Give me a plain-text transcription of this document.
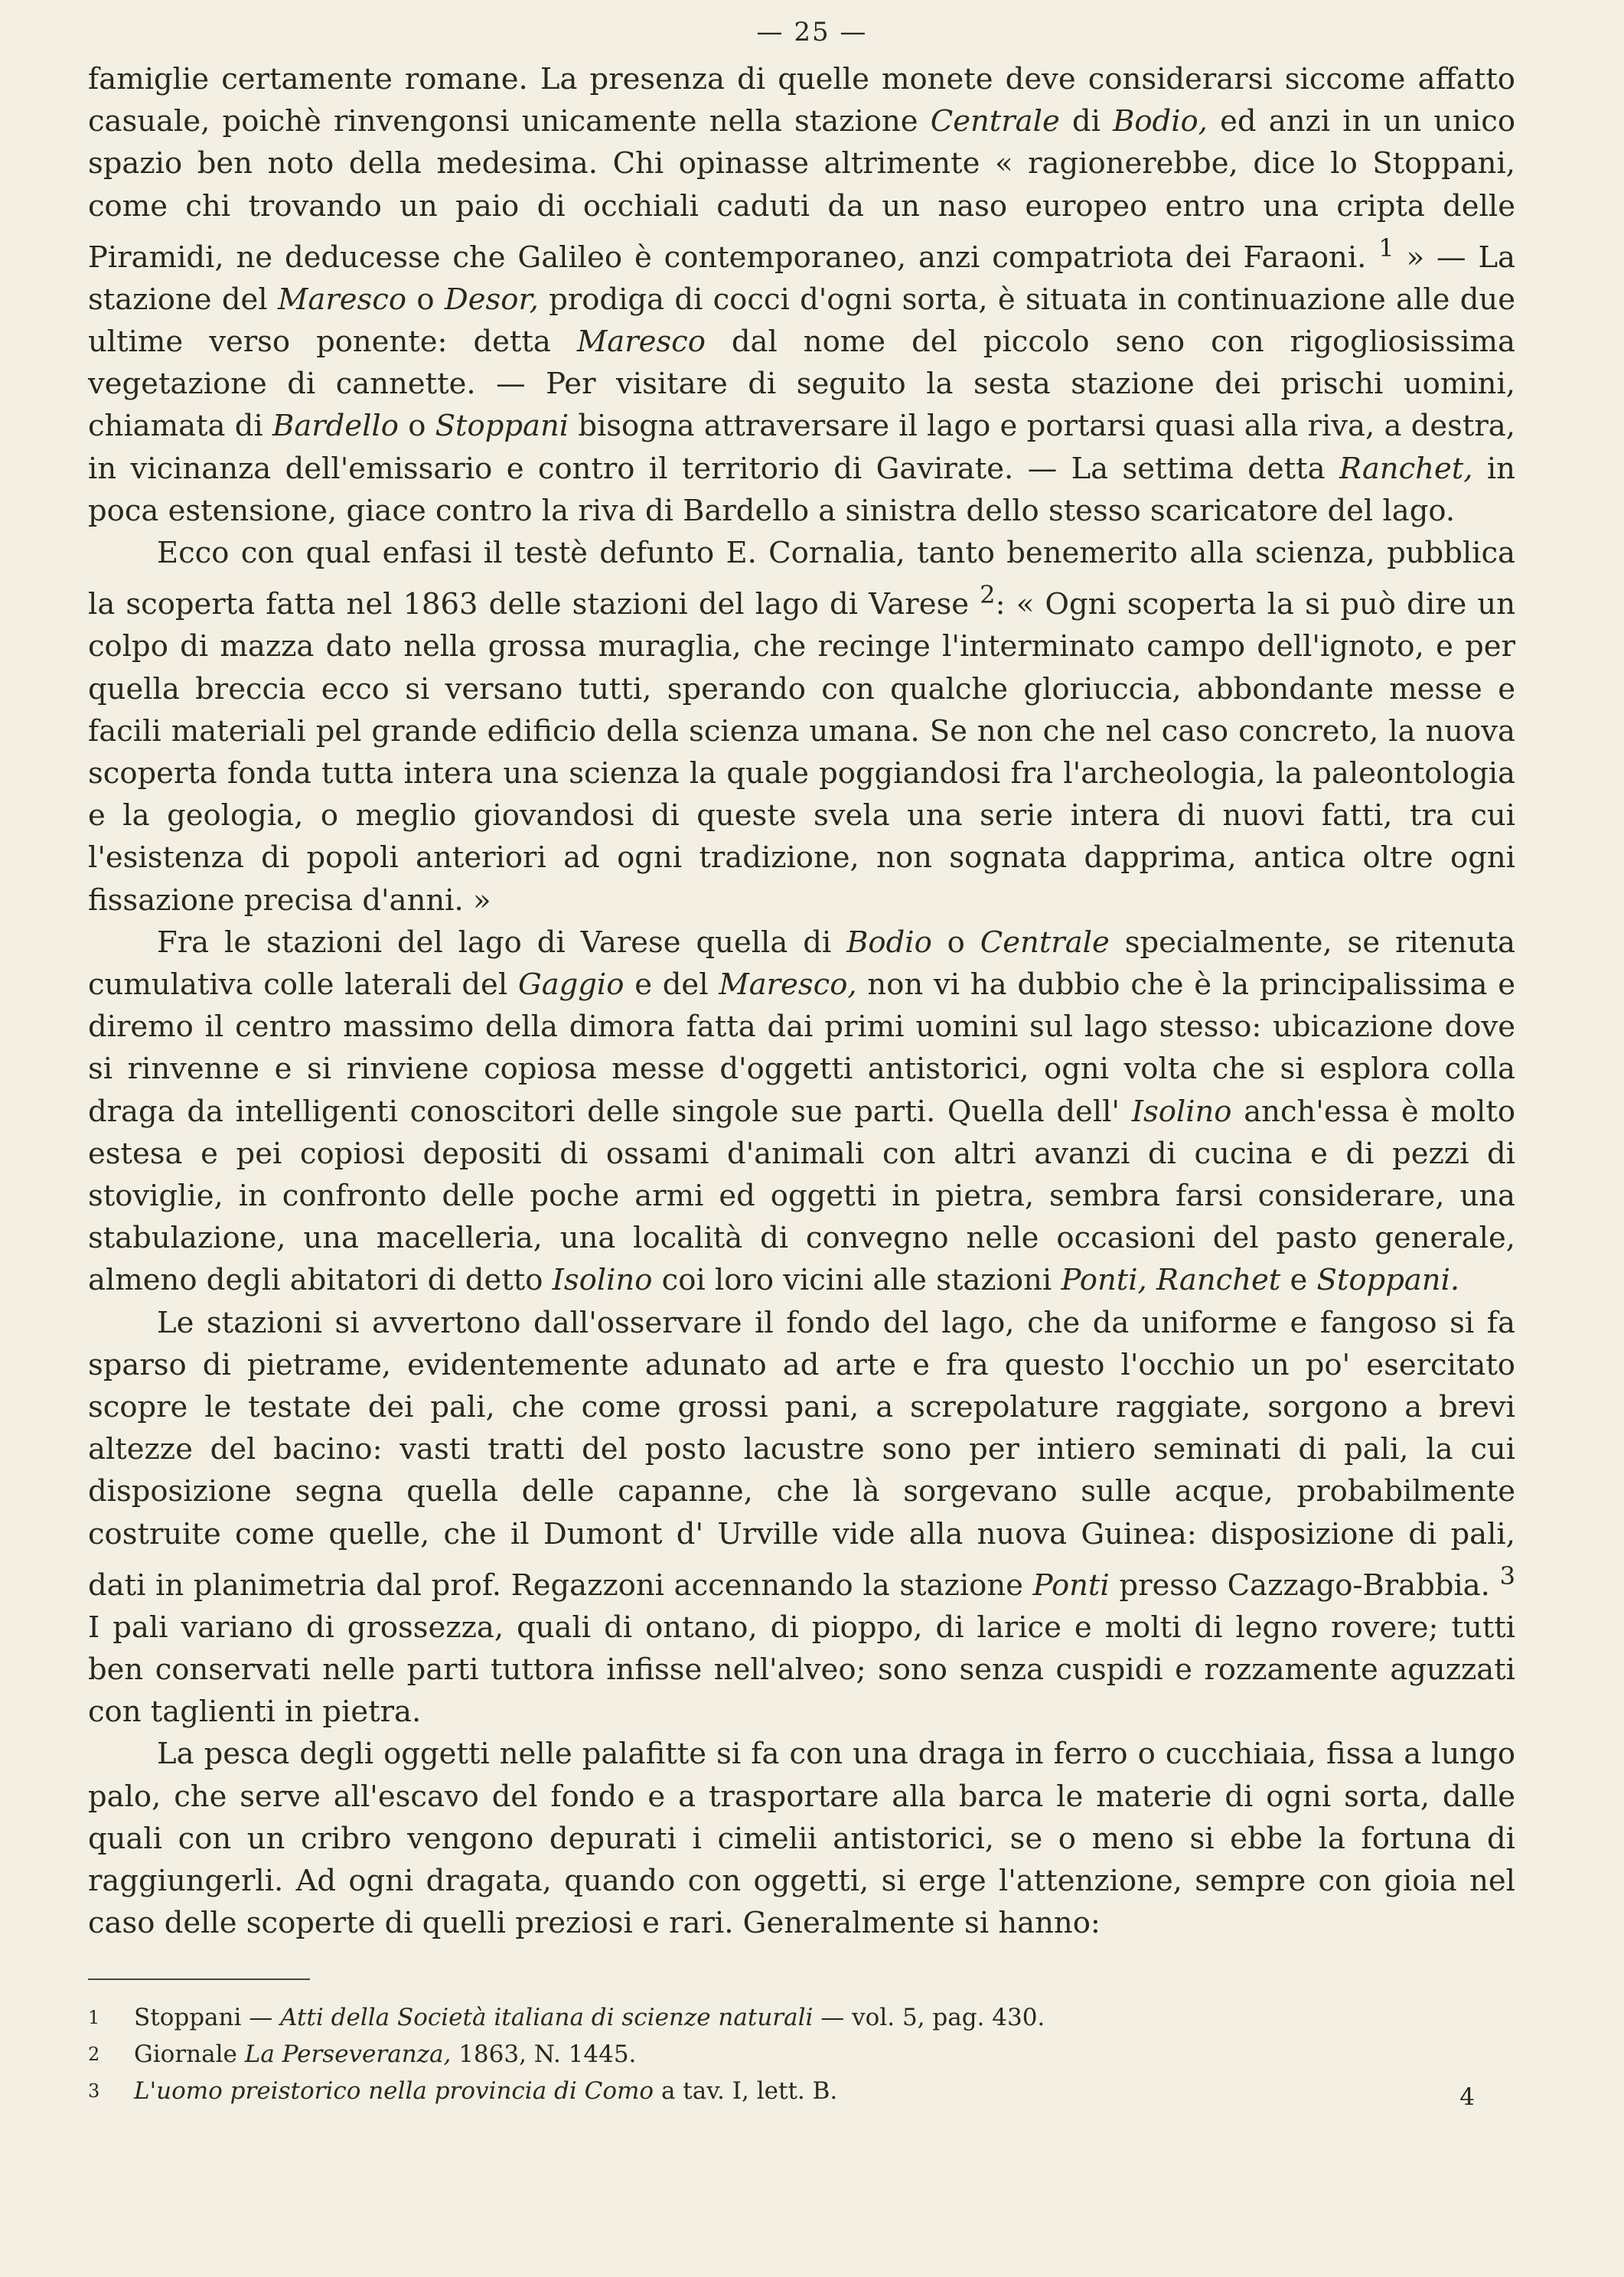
— 25 —

famiglie certamente romane. La presenza di quelle monete deve considerarsi siccome affatto casuale, poichè rinvengonsi unicamente nella stazione Centrale di Bodio, ed anzi in un unico spazio ben noto della medesima. Chi opinasse altrimente « ragionerebbe, dice lo Stoppani, come chi trovando un paio di occhiali caduti da un naso europeo entro una cripta delle Piramidi, ne deducesse che Galileo è contemporaneo, anzi compatriota dei Faraoni. $^1$ » — La stazione del Maresco o Desor, prodiga di cocci d'ogni sorta, è situata in continuazione alle due ultime verso ponente: detta Maresco dal nome del piccolo seno con rigogliosissima vegetazione di cannette. — Per visitare di seguito la sesta stazione dei prischi uomini, chiamata di Bardello o Stoppani bisogna attraversare il lago e portarsi quasi alla riva, a destra, in vicinanza dell'emissario e contro il territorio di Gavirate. — La settima detta Ranchet, in poca estensione, giace contro la riva di Bardello a sinistra dello stesso scaricatore del lago.

Ecco con qual enfasi il testè defunto E. Cornalia, tanto benemerito alla scienza, pubblica la scoperta fatta nel 1863 delle stazioni del lago di Varese $^2$: « Ogni scoperta la si può dire un colpo di mazza dato nella grossa muraglia, che recinge l'interminato campo dell'ignoto, e per quella breccia ecco si versano tutti, sperando con qualche gloriuccia, abbondante messe e facili materiali pel grande edificio della scienza umana. Se non che nel caso concreto, la nuova scoperta fonda tutta intera una scienza la quale poggiandosi fra l'archeologia, la paleontologia e la geologia, o meglio giovandosi di queste svela una serie intera di nuovi fatti, tra cui l'esistenza di popoli anteriori ad ogni tradizione, non sognata dapprima, antica oltre ogni fissazione precisa d'anni. »

Fra le stazioni del lago di Varese quella di Bodio o Centrale specialmente, se ritenuta cumulativa colle laterali del Gaggio e del Maresco, non vi ha dubbio che è la principalissima e diremo il centro massimo della dimora fatta dai primi uomini sul lago stesso: ubicazione dove si rinvenne e si rinviene copiosa messe d'oggetti antistorici, ogni volta che si esplora colla draga da intelligenti conoscitori delle singole sue parti. Quella dell' Isolino anch'essa è molto estesa e pei copiosi depositi di ossami d'animali con altri avanzi di cucina e di pezzi di stoviglie, in confronto delle poche armi ed oggetti in pietra, sembra farsi considerare, una stabulazione, una macelleria, una località di convegno nelle occasioni del pasto generale, almeno degli abitatori di detto Isolino coi loro vicini alle stazioni Ponti, Ranchet e Stoppani.

Le stazioni si avvertono dall'osservare il fondo del lago, che da uniforme e fangoso si fa sparso di pietrame, evidentemente adunato ad arte e fra questo l'occhio un po' esercitato scopre le testate dei pali, che come grossi pani, a screpolature raggiate, sorgono a brevi altezze del bacino: vasti tratti del posto lacustre sono per intiero seminati di pali, la cui disposizione segna quella delle capanne, che là sorgevano sulle acque, probabilmente costruite come quelle, che il Dumont d' Urville vide alla nuova Guinea: disposizione di pali, dati in planimetria dal prof. Regazzoni accennando la stazione Ponti presso Cazzago-Brabbia. $^3$ I pali variano di grossezza, quali di ontano, di pioppo, di larice e molti di legno rovere; tutti ben conservati nelle parti tuttora infisse nell'alveo; sono senza cuspidi e rozzamente aguzzati con taglienti in pietra.

La pesca degli oggetti nelle palafitte si fa con una draga in ferro o cucchiaia, fissa a lungo palo, che serve all'escavo del fondo e a trasportare alla barca le materie di ogni sorta, dalle quali con un cribro vengono depurati i cimelii antistorici, se o meno si ebbe la fortuna di raggiungerli. Ad ogni dragata, quando con oggetti, si erge l'attenzione, sempre con gioia nel caso delle scoperte di quelli preziosi e rari. Generalmente si hanno:

1 Stoppani — Atti della Società italiana di scienze naturali — vol. 5, pag. 430.
2 Giornale La Perseveranza, 1863, N. 1445.
3 L'uomo preistorico nella provincia di Como a tav. I, lett. B.	4
